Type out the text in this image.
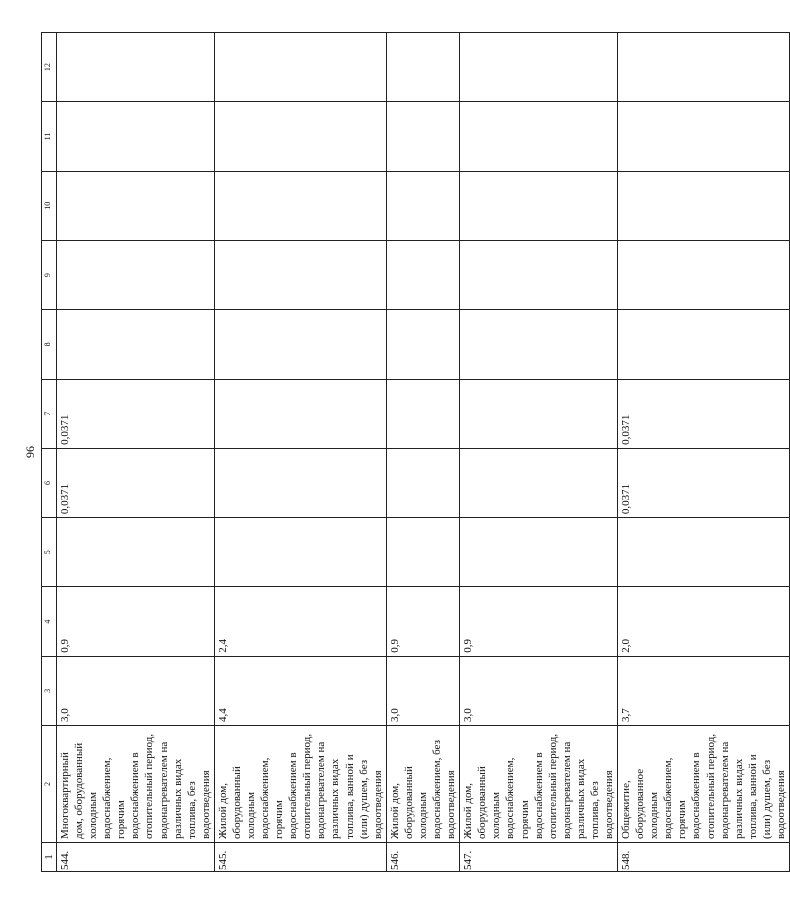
96
1	2	3	4	5	6	7	8	9	10	11	12
544.	Многоквартирный дом, оборудованный холодным водоснабжением, горячим водоснабжением в отопительный период, водонагревателем на различных видах топлива, без водоотведения	3,0	0,9		0,0371	0,0371					
545.	Жилой дом, оборудованный холодным водоснабжением, горячим водоснабжением в отопительный период, водонагревателем на различных видах топлива, ванной и (или) душем, без водоотведения	4,4	2,4								
546.	Жилой дом, оборудованный холодным водоснабжением, без водоотведения	3,0	0,9								
547.	Жилой дом, оборудованный холодным водоснабжением, горячим водоснабжением в отопительный период, водонагревателем на различных видах топлива, без водоотведения	3,0	0,9								
548.	Общежитие, оборудованное холодным водоснабжением, горячим водоснабжением в отопительный период, водонагревателем на различных видах топлива, ванной и (или) душем, без водоотведения	3,7	2,0		0,0371	0,0371					
